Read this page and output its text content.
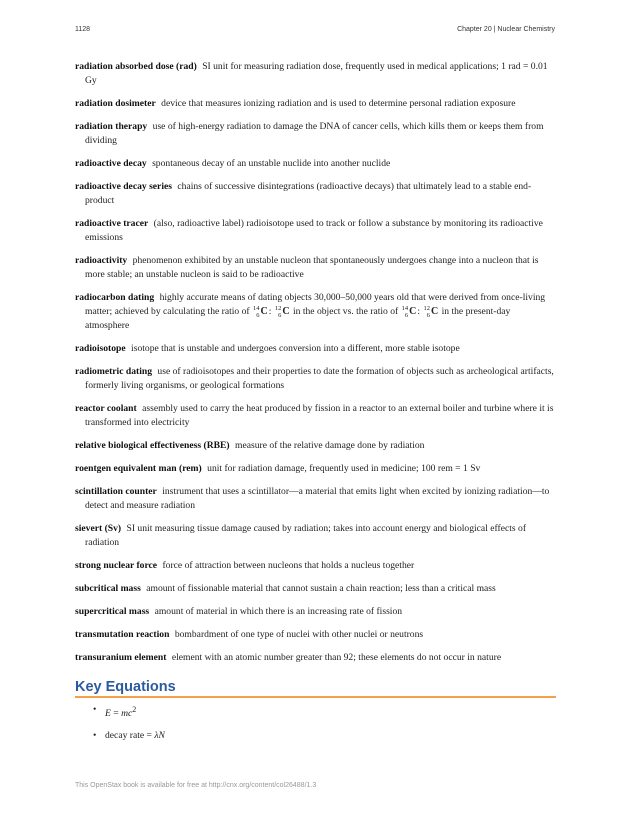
1128	Chapter 20 | Nuclear Chemistry

radiation absorbed dose (rad) SI unit for measuring radiation dose, frequently used in medical applications; 1 rad = 0.01 Gy

radiation dosimeter device that measures ionizing radiation and is used to determine personal radiation exposure

radiation therapy use of high-energy radiation to damage the DNA of cancer cells, which kills them or keeps them from dividing

radioactive decay spontaneous decay of an unstable nuclide into another nuclide

radioactive decay series chains of successive disintegrations (radioactive decays) that ultimately lead to a stable end-product

radioactive tracer (also, radioactive label) radioisotope used to track or follow a substance by monitoring its radioactive emissions

radioactivity phenomenon exhibited by an unstable nucleon that spontaneously undergoes change into a nucleon that is more stable; an unstable nucleon is said to be radioactive

radiocarbon dating highly accurate means of dating objects 30,000–50,000 years old that were derived from once-living matter; achieved by calculating the ratio of 14
6 C: 12
6 C in the object vs. the ratio of 14
6 C: 12
6 C in the present-day atmosphere

radioisotope isotope that is unstable and undergoes conversion into a different, more stable isotope

radiometric dating use of radioisotopes and their properties to date the formation of objects such as archeological artifacts, formerly living organisms, or geological formations

reactor coolant assembly used to carry the heat produced by fission in a reactor to an external boiler and turbine where it is transformed into electricity

relative biological effectiveness (RBE) measure of the relative damage done by radiation

roentgen equivalent man (rem) unit for radiation damage, frequently used in medicine; 100 rem = 1 Sv

scintillation counter instrument that uses a scintillator—a material that emits light when excited by ionizing radiation—to detect and measure radiation

sievert (Sv) SI unit measuring tissue damage caused by radiation; takes into account energy and biological effects of radiation

strong nuclear force force of attraction between nucleons that holds a nucleus together

subcritical mass amount of fissionable material that cannot sustain a chain reaction; less than a critical mass

supercritical mass amount of material in which there is an increasing rate of fission

transmutation reaction bombardment of one type of nuclei with other nuclei or neutrons

transuranium element element with an atomic number greater than 92; these elements do not occur in nature

Key Equations
• $E = mc^2$
• decay rate = λN
This OpenStax book is available for free at http://cnx.org/content/col26488/1.3
